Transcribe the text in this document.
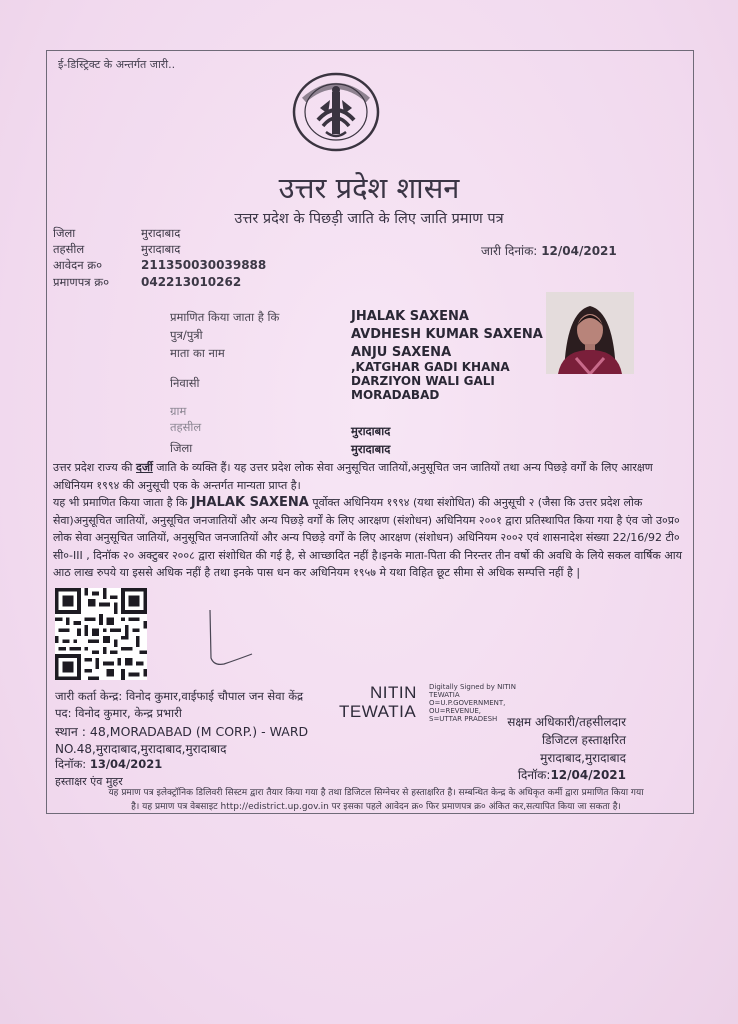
ई-डिस्ट्रिक्ट के अन्तर्गत जारी..
उत्तर प्रदेश शासन
उत्तर प्रदेश के पिछड़ी जाति के लिए जाति प्रमाण पत्र
जिला	मुरादाबाद
तहसील	मुरादाबाद
आवेदन क्र०	211350030039888
प्रमाणपत्र क्र०	042213010262
जारी दिनांक: 12/04/2021
प्रमाणित किया जाता है कि	JHALAK SAXENA
पुत्र/पुत्री	AVDHESH KUMAR SAXENA
माता का नाम	ANJU SAXENA
निवासी
,KATGHAR GADI KHANA
DARZIYON WALI GALI
MORADABAD
ग्राम
तहसील	मुरादाबाद
जिला	मुरादाबाद
उत्तर प्रदेश राज्य की दर्जी जाति के व्यक्ति हैं। यह उत्तर प्रदेश लोक सेवा अनुसूचित जातियों,अनुसूचित जन जातियों तथा अन्य पिछड़े वर्गों के लिए आरक्षण अधिनियम १९९४ की अनुसूची एक के अन्तर्गत मान्यता प्राप्त है।
यह भी प्रमाणित किया जाता है कि JHALAK SAXENA पूर्वोक्त अधिनियम १९९४ (यथा संशोधित) की अनुसूची २ (जैसा कि उत्तर प्रदेश लोक सेवा)अनुसूचित जातियों, अनुसूचित जनजातियों और अन्य पिछड़े वर्गों के लिए आरक्षण (संशोधन) अधिनियम २००१ द्वारा प्रतिस्थापित किया गया है एंव जो उ०प्र० लोक सेवा अनुसूचित जातियों, अनुसूचित जनजातियों और अन्य पिछड़े वर्गों के लिए आरक्षण (संशोधन) अधिनियम २००२ एवं शासनादेश संख्या 22/16/92 टी० सी०-III , दिनॉक २० अक्टुबर २००८ द्वारा संशोधित की गई है, से आच्छादित नहीं है।इनके माता-पिता की निरन्तर तीन वर्षो की अवधि के लिये सकल वार्षिक आय आठ लाख रुपये या इससे अधिक नहीं है तथा इनके पास धन कर अधिनियम १९५७ मे यथा विहित छूट सीमा से अधिक सम्पत्ति नहीं है |
जारी कर्ता केन्द्र: विनोद कुमार,वाईफाई चौपाल जन सेवा केंद्र
पद: विनोद कुमार, केन्द्र प्रभारी
स्थान : 48,MORADABAD (M CORP.) - WARD
NO.48,मुरादाबाद,मुरादाबाद,मुरादाबाद
दिनॉक: 13/04/2021
हस्ताक्षर एंव मुहर
NITIN
TEWATIA
Digitally Signed by NITIN
TEWATIA
O=U.P.GOVERNMENT,
OU=REVENUE,
S=UTTAR PRADESH सक्षम अधिकारी/तहसीलदार
डिजिटल हस्ताक्षरित
मुरादाबाद,मुरादाबाद
दिनॉक:12/04/2021
यह प्रमाण पत्र इलेक्ट्रॉनिक डिलिवरी सिस्टम द्वारा तैयार किया गया है तथा डिजिटल सिग्नेचर से हस्ताक्षरित है। सम्बन्धित केन्द्र के अधिकृत कर्मी द्वारा प्रमाणित किया गया
है। यह प्रमाण पत्र वेबसाइट http://edistrict.up.gov.in पर इसका पहले आवेदन क्र० फिर प्रमाणपत्र क्र० अंकित कर,सत्यापित किया जा सकता है।
